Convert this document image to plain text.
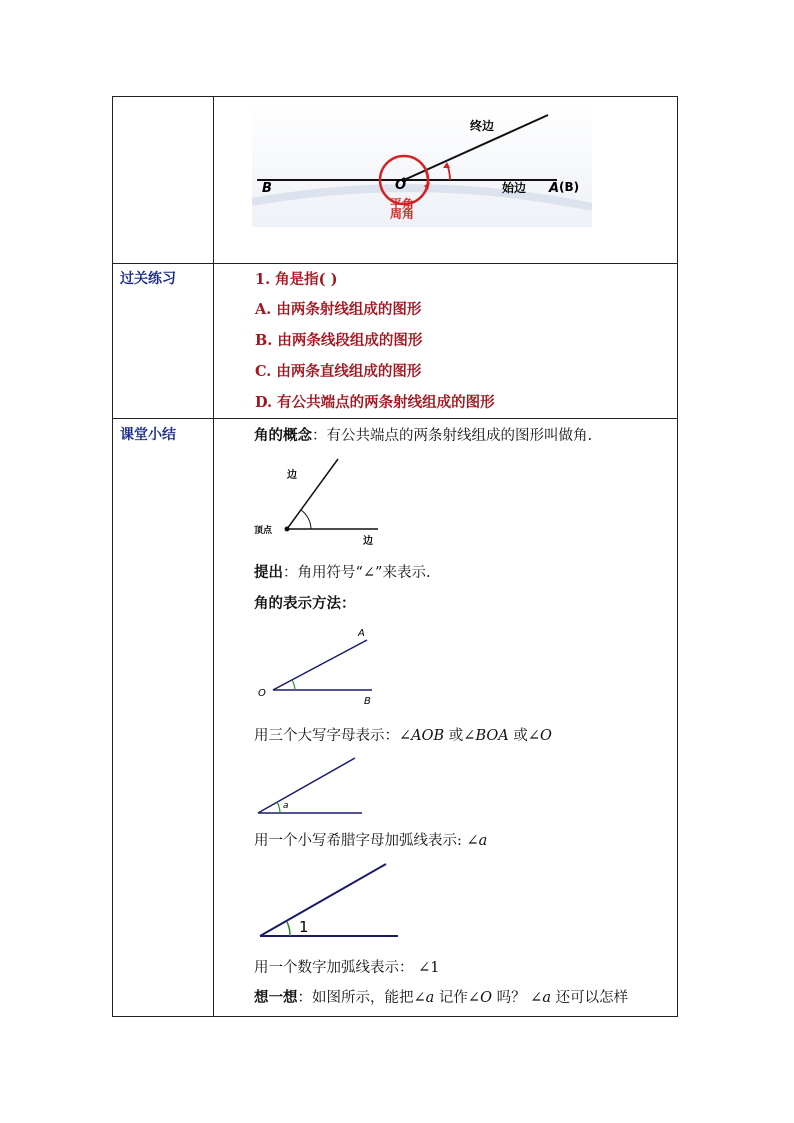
过关练习
课堂小结
B	O	A (B)
终边
始边
周角
平角
1. 角是指( )
A. 由两条射线组成的图形
B. 由两条线段组成的图形
C. 由两条直线组成的图形
D. 有公共端点的两条射线组成的图形
角的概念：有公共端点的两条射线组成的图形叫做角.
边
顶点
边
提出：角用符号“∠”来表示.
角的表示方法：
A
O
B
用三个大写字母表示：∠AOB 或∠BOA 或∠O
a
用一个小写希腊字母加弧线表示: ∠a
1
用一个数字加弧线表示： ∠1
想一想：如图所示，能把∠a 记作∠O 吗？ ∠a 还可以怎样
